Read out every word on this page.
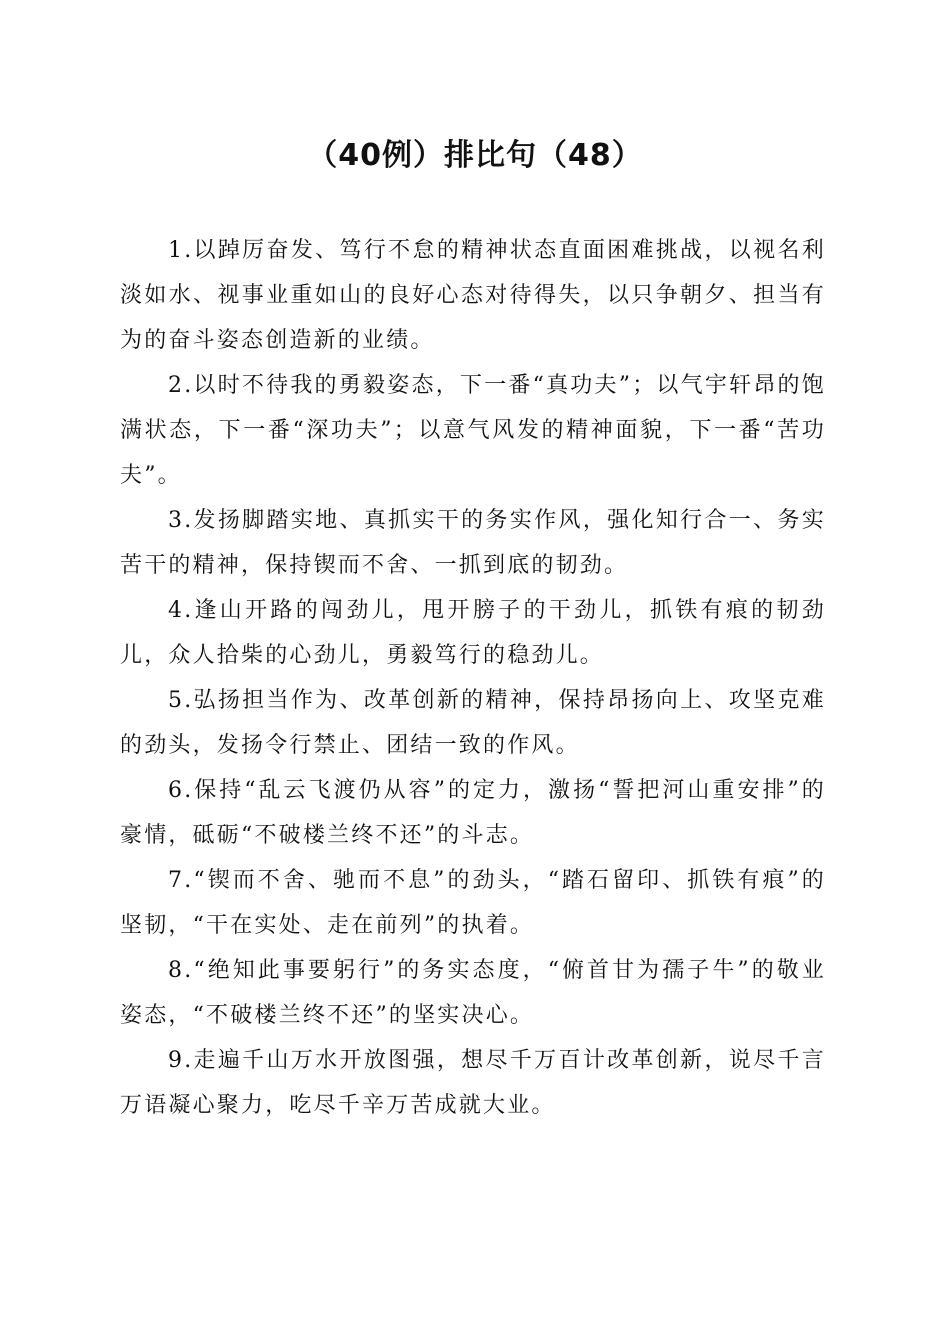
（40例）排比句（48）

1.以踔厉奋发、笃行不怠的精神状态直面困难挑战，以视名利淡如水、视事业重如山的良好心态对待得失，以只争朝夕、担当有为的奋斗姿态创造新的业绩。

2.以时不待我的勇毅姿态，下一番“真功夫”；以气宇轩昂的饱满状态，下一番“深功夫”；以意气风发的精神面貌，下一番“苦功夫”。

3.发扬脚踏实地、真抓实干的务实作风，强化知行合一、务实苦干的精神，保持锲而不舍、一抓到底的韧劲。

4.逢山开路的闯劲儿，甩开膀子的干劲儿，抓铁有痕的韧劲儿，众人拾柴的心劲儿，勇毅笃行的稳劲儿。

5.弘扬担当作为、改革创新的精神，保持昂扬向上、攻坚克难的劲头，发扬令行禁止、团结一致的作风。

6.保持“乱云飞渡仍从容”的定力，激扬“誓把河山重安排”的豪情，砥砺“不破楼兰终不还”的斗志。

7.“锲而不舍、驰而不息”的劲头，“踏石留印、抓铁有痕”的坚韧，“干在实处、走在前列”的执着。

8.“绝知此事要躬行”的务实态度，“俯首甘为孺子牛”的敬业姿态，“不破楼兰终不还”的坚实决心。

9.走遍千山万水开放图强，想尽千万百计改革创新，说尽千言万语凝心聚力，吃尽千辛万苦成就大业。
